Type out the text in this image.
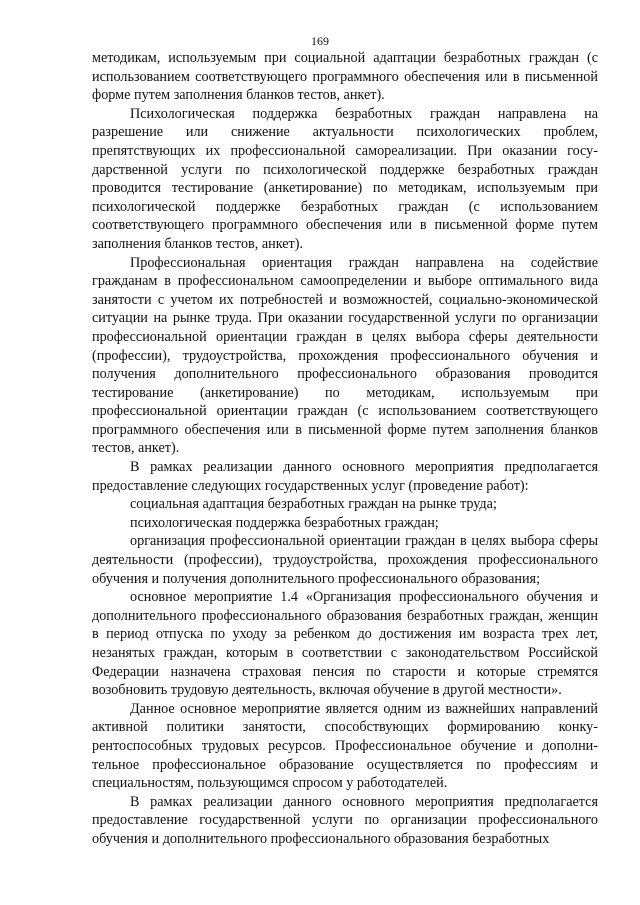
169

методикам, используемым при социальной адаптации безработных граждан (с использованием соответствующего программного обеспечения или в письменной форме путем заполнения бланков тестов, анкет).

Психологическая поддержка безработных граждан направлена на разрешение или снижение актуальности психологических проблем, препятствующих их профессиональной самореализации. При оказании государственной услуги по психологической поддержке безработных граждан проводится тестирование (анкетирование) по методикам, используемым при психологической поддержке безработных граждан (с использованием соответствующего программного обеспечения или в письменной форме путем заполнения бланков тестов, анкет).

Профессиональная ориентация граждан направлена на содействие гражданам в профессиональном самоопределении и выборе оптимального вида занятости с учетом их потребностей и возможностей, социально-экономической ситуации на рынке труда. При оказании государственной услуги по организации профессиональной ориентации граждан в целях выбора сферы деятельности (профессии), трудоустройства, прохождения профессионального обучения и получения дополнительного профессионального образования проводится тестирование (анкетирование) по методикам, используемым при профессиональной ориентации граждан (с использованием соответствующего программного обеспечения или в письменной форме путем заполнения бланков тестов, анкет).

В рамках реализации данного основного мероприятия предполагается предоставление следующих государственных услуг (проведение работ):

социальная адаптация безработных граждан на рынке труда;

психологическая поддержка безработных граждан;

организация профессиональной ориентации граждан в целях выбора сферы деятельности (профессии), трудоустройства, прохождения профессионального обучения и получения дополнительного профессионального образования;

основное мероприятие 1.4 «Организация профессионального обучения и дополнительного профессионального образования безработных граждан, женщин в период отпуска по уходу за ребенком до достижения им возраста трех лет, незанятых граждан, которым в соответствии с законодательством Российской Федерации назначена страховая пенсия по старости и которые стремятся возобновить трудовую деятельность, включая обучение в другой местности».

Данное основное мероприятие является одним из важнейших направлений активной политики занятости, способствующих формированию конкурентоспособных трудовых ресурсов. Профессиональное обучение и дополнительное профессиональное образование осуществляется по профессиям и специальностям, пользующимся спросом у работодателей.

В рамках реализации данного основного мероприятия предполагается предоставление государственной услуги по организации профессионального обучения и дополнительного профессионального образования безработных
